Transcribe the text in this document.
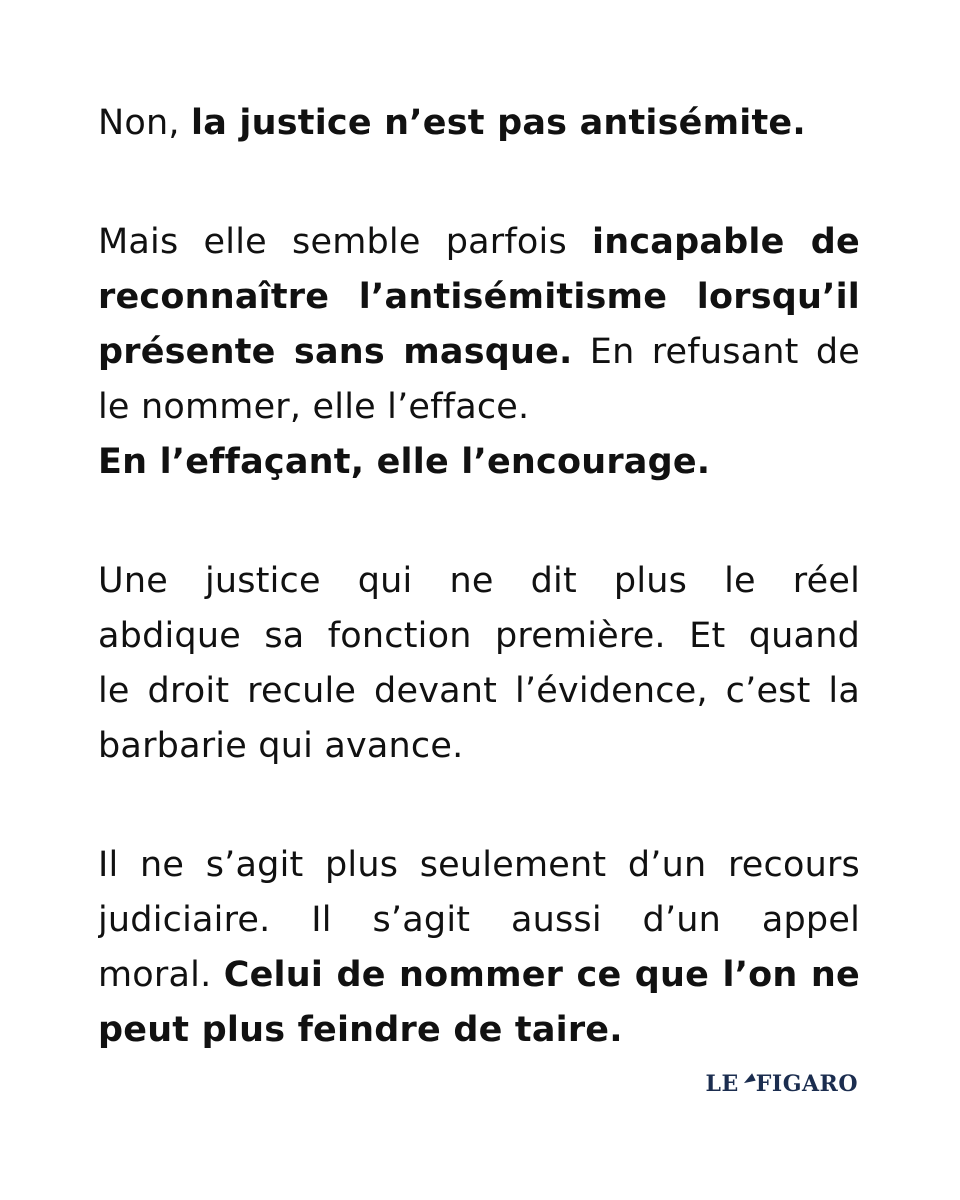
Non, la justice n’est pas antisémite.
Mais elle semble parfois incapable de
reconnaître l’antisémitisme lorsqu’il
présente sans masque. En refusant de
le nommer, elle l’efface.
En l’effaçant, elle l’encourage.
Une justice qui ne dit plus le réel
abdique sa fonction première. Et quand
le droit recule devant l’évidence, c’est la
barbarie qui avance.
Il ne s’agit plus seulement d’un recours
judiciaire. Il s’agit aussi d’un appel
moral. Celui de nommer ce que l’on ne
peut plus feindre de taire.
LE FIGARO
